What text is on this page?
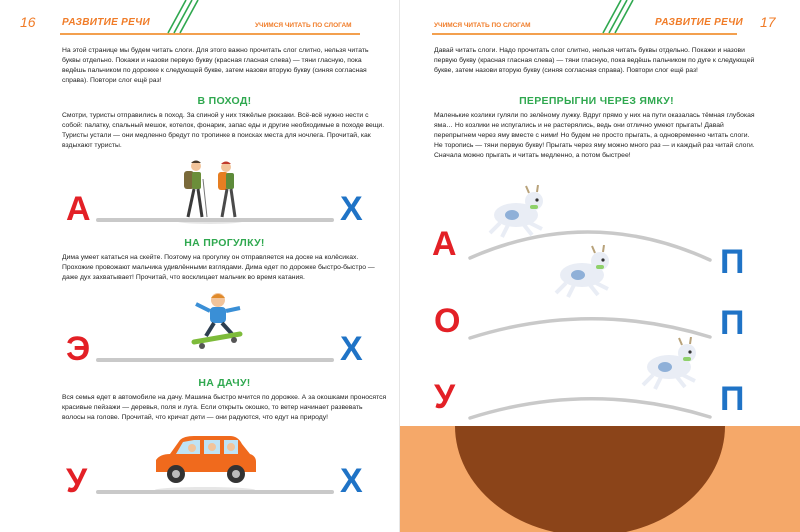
16	РАЗВИТИЕ РЕЧИ	УЧИМСЯ ЧИТАТЬ ПО СЛОГАМ
На этой странице мы будем читать слоги. Для этого важно прочитать слог слитно, нельзя читать буквы отдельно. Покажи и назови первую букву (красная гласная слева) — тяни гласную, пока ведёшь пальчиком по дорожке к следующей букве, затем назови вторую букву (синяя согласная справа). Повтори слог ещё раз!
В ПОХОД!
Смотри, туристы отправились в поход. За спиной у них тяжёлые рюкзаки. Всё-всё нужно нести с собой: палатку, спальный мешок, котелок, фонарик, запас еды и другие необходимые в походе вещи. Туристы устали — они медленно бредут по тропинке в поисках места для ночлега. Прочитай, как вздыхают туристы.
А	Х
НА ПРОГУЛКУ!
Дима умеет кататься на скейте. Поэтому на прогулку он отправляется на доске на колёсиках. Прохожие провожают мальчика удивлёнными взглядами. Дима едет по дорожке быстро-быстро — даже дух захватывает! Прочитай, что восклицает мальчик во время катания.
Э	Х
НА ДАЧУ!
Вся семья едет в автомобиле на дачу. Машина быстро мчится по дорожке. А за окошками проносятся красивые пейзажи — деревья, поля и луга. Если открыть окошко, то ветер начинает развевать волосы на голове. Прочитай, что кричат дети — они радуются, что едут на природу!
У	Х
УЧИМСЯ ЧИТАТЬ ПО СЛОГАМ	РАЗВИТИЕ РЕЧИ 17
Давай читать слоги. Надо прочитать слог слитно, нельзя читать буквы отдельно. Покажи и назови первую букву (красная гласная слева) — тяни гласную, пока ведёшь пальчиком по дуге к следующей букве, затем назови вторую букву (синяя согласная справа). Повтори слог ещё раз!
ПЕРЕПРЫГНИ ЧЕРЕЗ ЯМКУ!
Маленькие козлики гуляли по зелёному лужку. Вдруг прямо у них на пути оказалась тёмная глубокая яма… Но козлики не испугались и не растерялись, ведь они отлично умеют прыгать! Давай перепрыгнем через яму вместе с ними! Но будем не просто прыгать, а одновременно читать слоги. Не торопись — тяни первую букву! Прыгать через яму можно много раз — и каждый раз читай слоги. Сначала можно прыгать и читать медленно, а потом быстрее!
А	П
О	П
У	П
